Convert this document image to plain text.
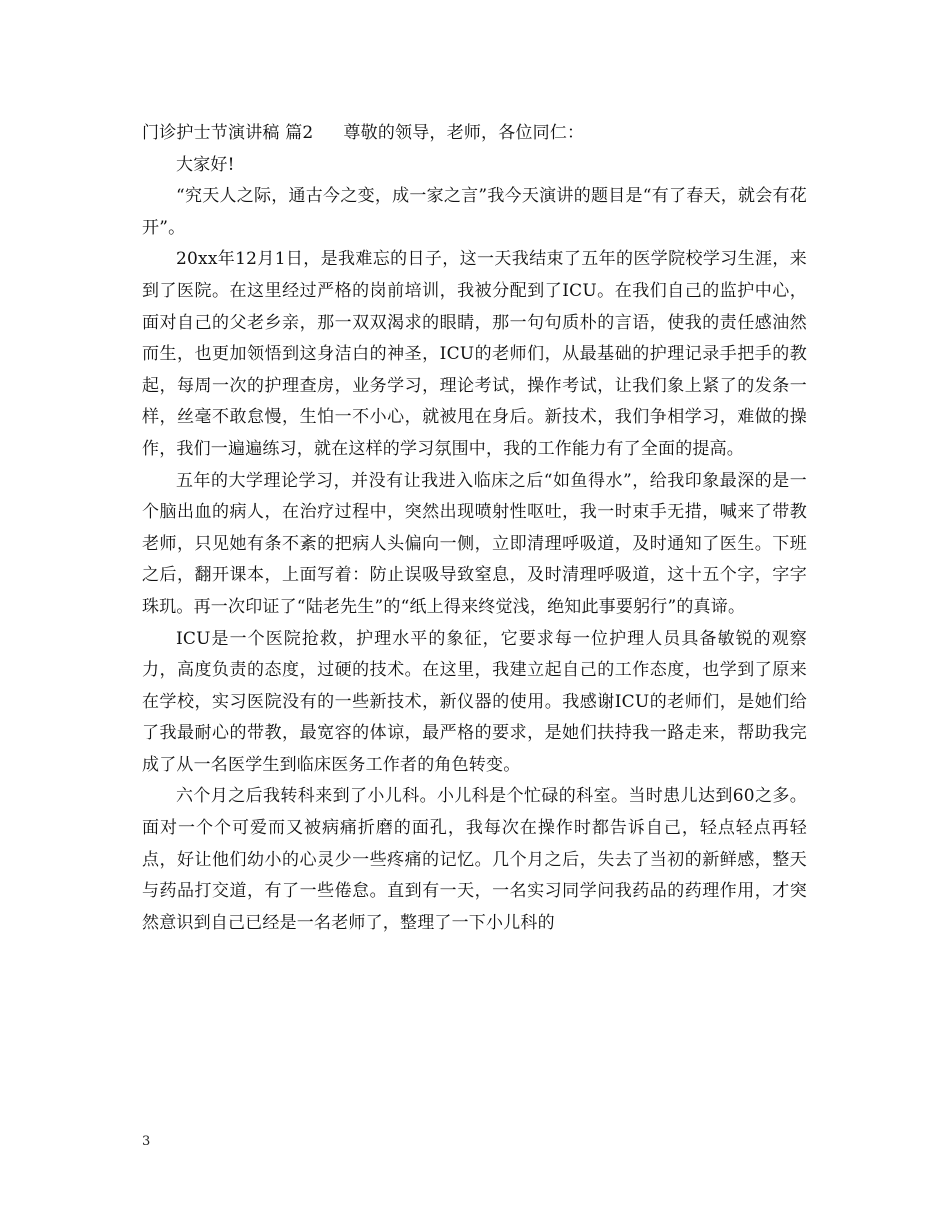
门诊护士节演讲稿 篇2 尊敬的领导，老师，各位同仁：

大家好!

“究天人之际，通古今之变，成一家之言”我今天演讲的题目是“有了春天，就会有花开”。

20xx年12月1日，是我难忘的日子，这一天我结束了五年的医学院校学习生涯，来到了医院。在这里经过严格的岗前培训，我被分配到了ICU。在我们自己的监护中心，面对自己的父老乡亲，那一双双渴求的眼睛，那一句句质朴的言语，使我的责任感油然而生，也更加领悟到这身洁白的神圣，ICU的老师们，从最基础的护理记录手把手的教起，每周一次的护理查房，业务学习，理论考试，操作考试，让我们象上紧了的发条一样，丝毫不敢怠慢，生怕一不小心，就被甩在身后。新技术，我们争相学习，难做的操作，我们一遍遍练习，就在这样的学习氛围中，我的工作能力有了全面的提高。

五年的大学理论学习，并没有让我进入临床之后“如鱼得水”，给我印象最深的是一个脑出血的病人，在治疗过程中，突然出现喷射性呕吐，我一时束手无措，喊来了带教老师，只见她有条不紊的把病人头偏向一侧，立即清理呼吸道，及时通知了医生。下班之后，翻开课本，上面写着：防止误吸导致窒息，及时清理呼吸道，这十五个字，字字珠玑。再一次印证了“陆老先生”的“纸上得来终觉浅，绝知此事要躬行”的真谛。

ICU是一个医院抢救，护理水平的象征，它要求每一位护理人员具备敏锐的观察力，高度负责的态度，过硬的技术。在这里，我建立起自己的工作态度，也学到了原来在学校，实习医院没有的一些新技术，新仪器的使用。我感谢ICU的老师们，是她们给了我最耐心的带教，最宽容的体谅，最严格的要求，是她们扶持我一路走来，帮助我完成了从一名医学生到临床医务工作者的角色转变。

六个月之后我转科来到了小儿科。小儿科是个忙碌的科室。当时患儿达到60之多。面对一个个可爱而又被病痛折磨的面孔，我每次在操作时都告诉自己，轻点轻点再轻点，好让他们幼小的心灵少一些疼痛的记忆。几个月之后，失去了当初的新鲜感，整天与药品打交道，有了一些倦怠。直到有一天，一名实习同学问我药品的药理作用，才突然意识到自己已经是一名老师了，整理了一下小儿科的

3
